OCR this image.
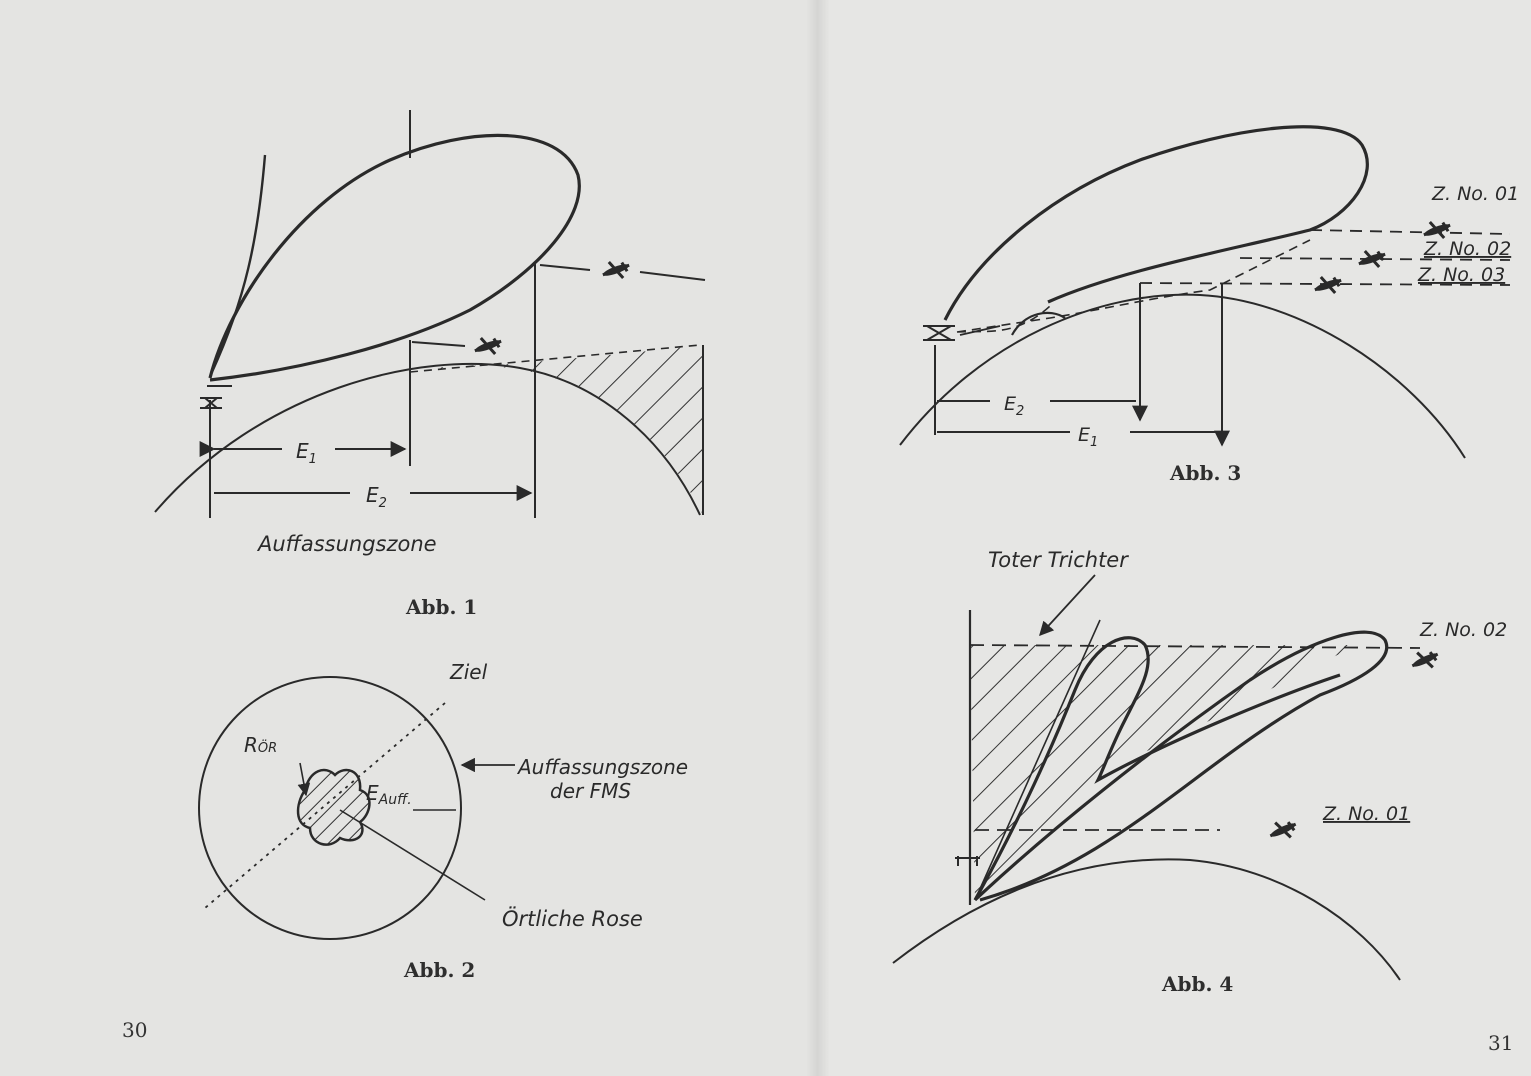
$E_1$
$E_2$
Auffassungszone
Abb. 1
Ziel
RÖR
$E_{Auff.}$
Auffassungszone
der FMS
Örtliche Rose
Abb. 2
30
Z. No. 01
Z. No. 02
Z. No. 03
$E_2$
$E_1$
Abb. 3
Toter Trichter
Z. No. 02
Z. No. 01
Abb. 4
31
